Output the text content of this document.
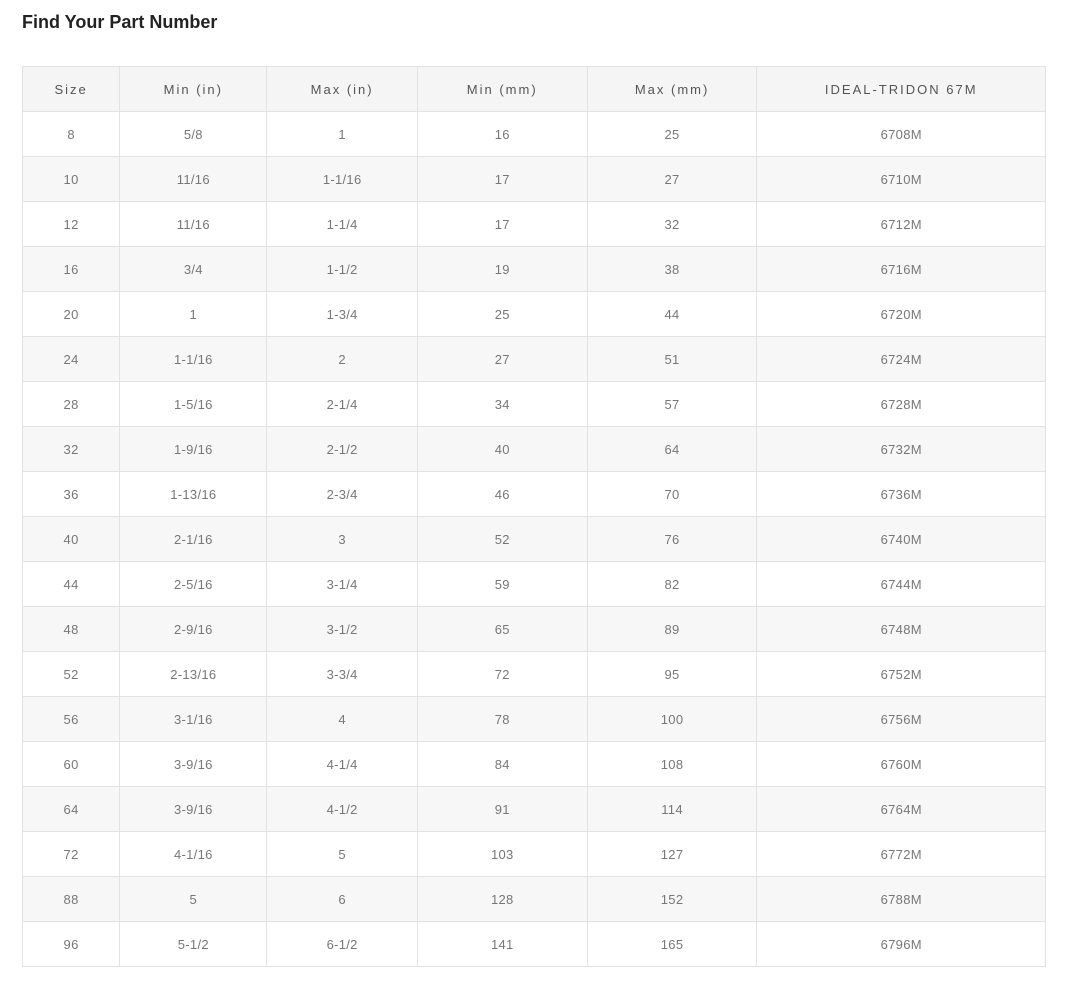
Find Your Part Number
Size	Min (in)	Max (in)	Min (mm)	Max (mm)	IDEAL-TRIDON 67M
8	5/8	1	16	25	6708M
10	11/16	1-1/16	17	27	6710M
12	11/16	1-1/4	17	32	6712M
16	3/4	1-1/2	19	38	6716M
20	1	1-3/4	25	44	6720M
24	1-1/16	2	27	51	6724M
28	1-5/16	2-1/4	34	57	6728M
32	1-9/16	2-1/2	40	64	6732M
36	1-13/16	2-3/4	46	70	6736M
40	2-1/16	3	52	76	6740M
44	2-5/16	3-1/4	59	82	6744M
48	2-9/16	3-1/2	65	89	6748M
52	2-13/16	3-3/4	72	95	6752M
56	3-1/16	4	78	100	6756M
60	3-9/16	4-1/4	84	108	6760M
64	3-9/16	4-1/2	91	114	6764M
72	4-1/16	5	103	127	6772M
88	5	6	128	152	6788M
96	5-1/2	6-1/2	141	165	6796M
